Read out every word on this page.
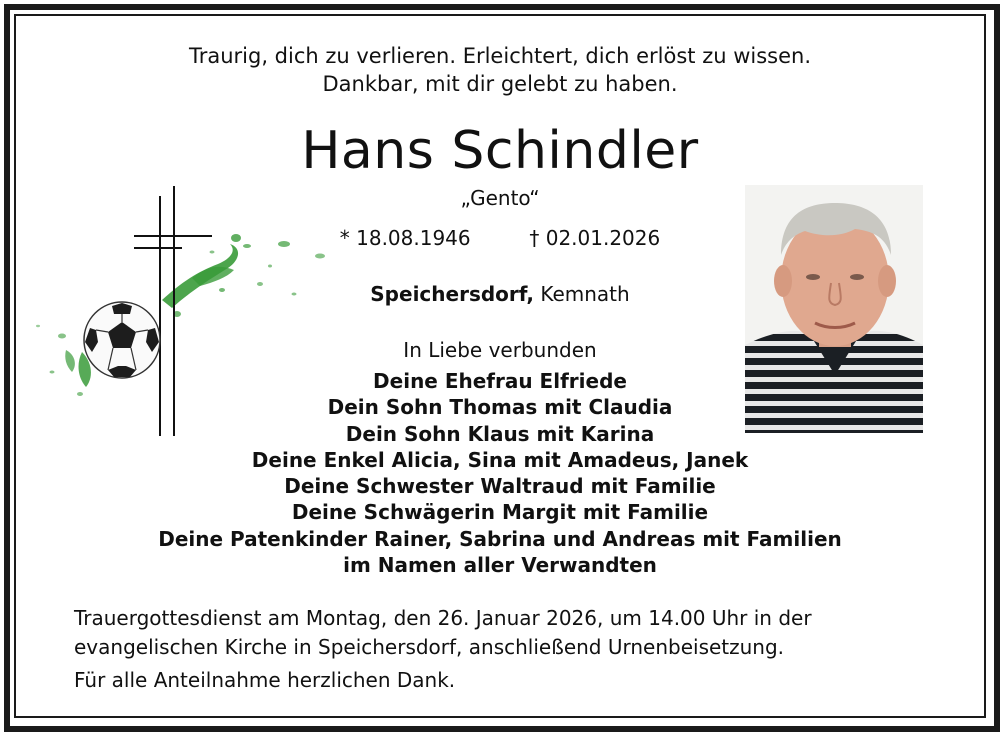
Traurig, dich zu verlieren. Erleichtert, dich erlöst zu wissen.
Dankbar, mit dir gelebt zu haben.
Hans Schindler
„Gento“
* 18.08.1946	† 02.01.2026
Speichersdorf, Kemnath
In Liebe verbunden
Deine Ehefrau Elfriede
Dein Sohn Thomas mit Claudia
Dein Sohn Klaus mit Karina
Deine Enkel Alicia, Sina mit Amadeus, Janek
Deine Schwester Waltraud mit Familie
Deine Schwägerin Margit mit Familie
Deine Patenkinder Rainer, Sabrina und Andreas mit Familien
im Namen aller Verwandten
Trauergottesdienst am Montag, den 26. Januar 2026, um 14.00 Uhr in der
evangelischen Kirche in Speichersdorf, anschließend Urnenbeisetzung.
Für alle Anteilnahme herzlichen Dank.
